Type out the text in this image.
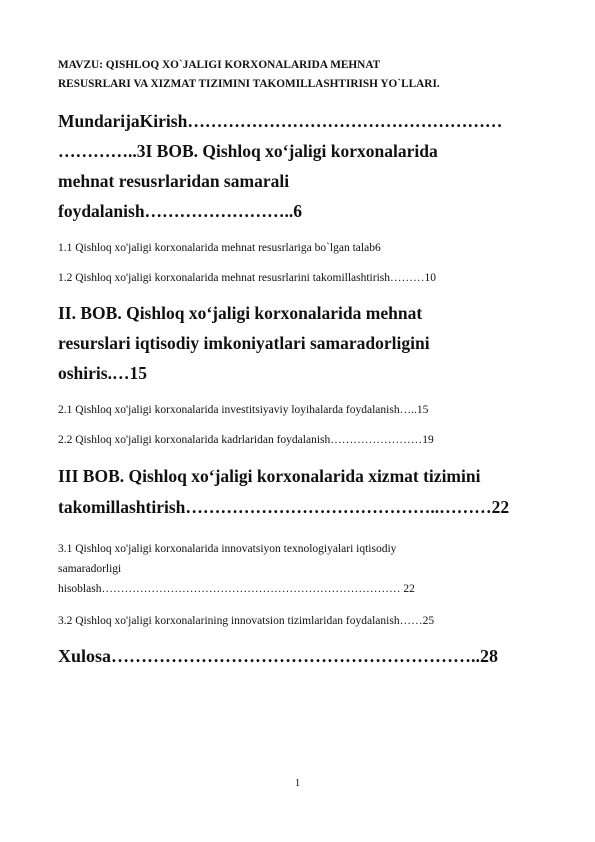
MAVZU: QISHLOQ XO`JALIGI KORXONALARIDA MEHNAT

RESUSRLARI VA XIZMAT TIZIMINI TAKOMILLASHTIRISH YO`LLARI.

MundarijaKirish………………………………………………

…………..3I BOB. Qishloq xo‘jaligi korxonalarida

mehnat resusrlaridan samarali

foydalanish……………………..6

1.1 Qishloq xo'jaligi korxonalarida mehnat resusrlariga bo`lgan talab6

1.2 Qishloq xo'jaligi korxonalarida mehnat resusrlarini takomillashtirish………10

II. BOB. Qishloq xo‘jaligi korxonalarida mehnat

resurslari iqtisodiy imkoniyatlari samaradorligini

oshiris.…15

2.1 Qishloq xo'jaligi korxonalarida investitsiyaviy loyihalarda foydalanish…..15

2.2 Qishloq xo'jaligi korxonalarida kadrlaridan foydalanish……………………19

III BOB. Qishloq xo‘jaligi korxonalarida xizmat tizimini

takomillashtirish……………………………………..………22

3.1 Qishloq xo'jaligi korxonalarida innovatsiyon texnologiyalari iqtisodiy

samaradorligi

hisoblash…………………………………………………………………… 22

3.2 Qishloq xo'jaligi korxonalarining innovatsion tizimlaridan foydalanish……25

Xulosa……………………………………………………..28

1
